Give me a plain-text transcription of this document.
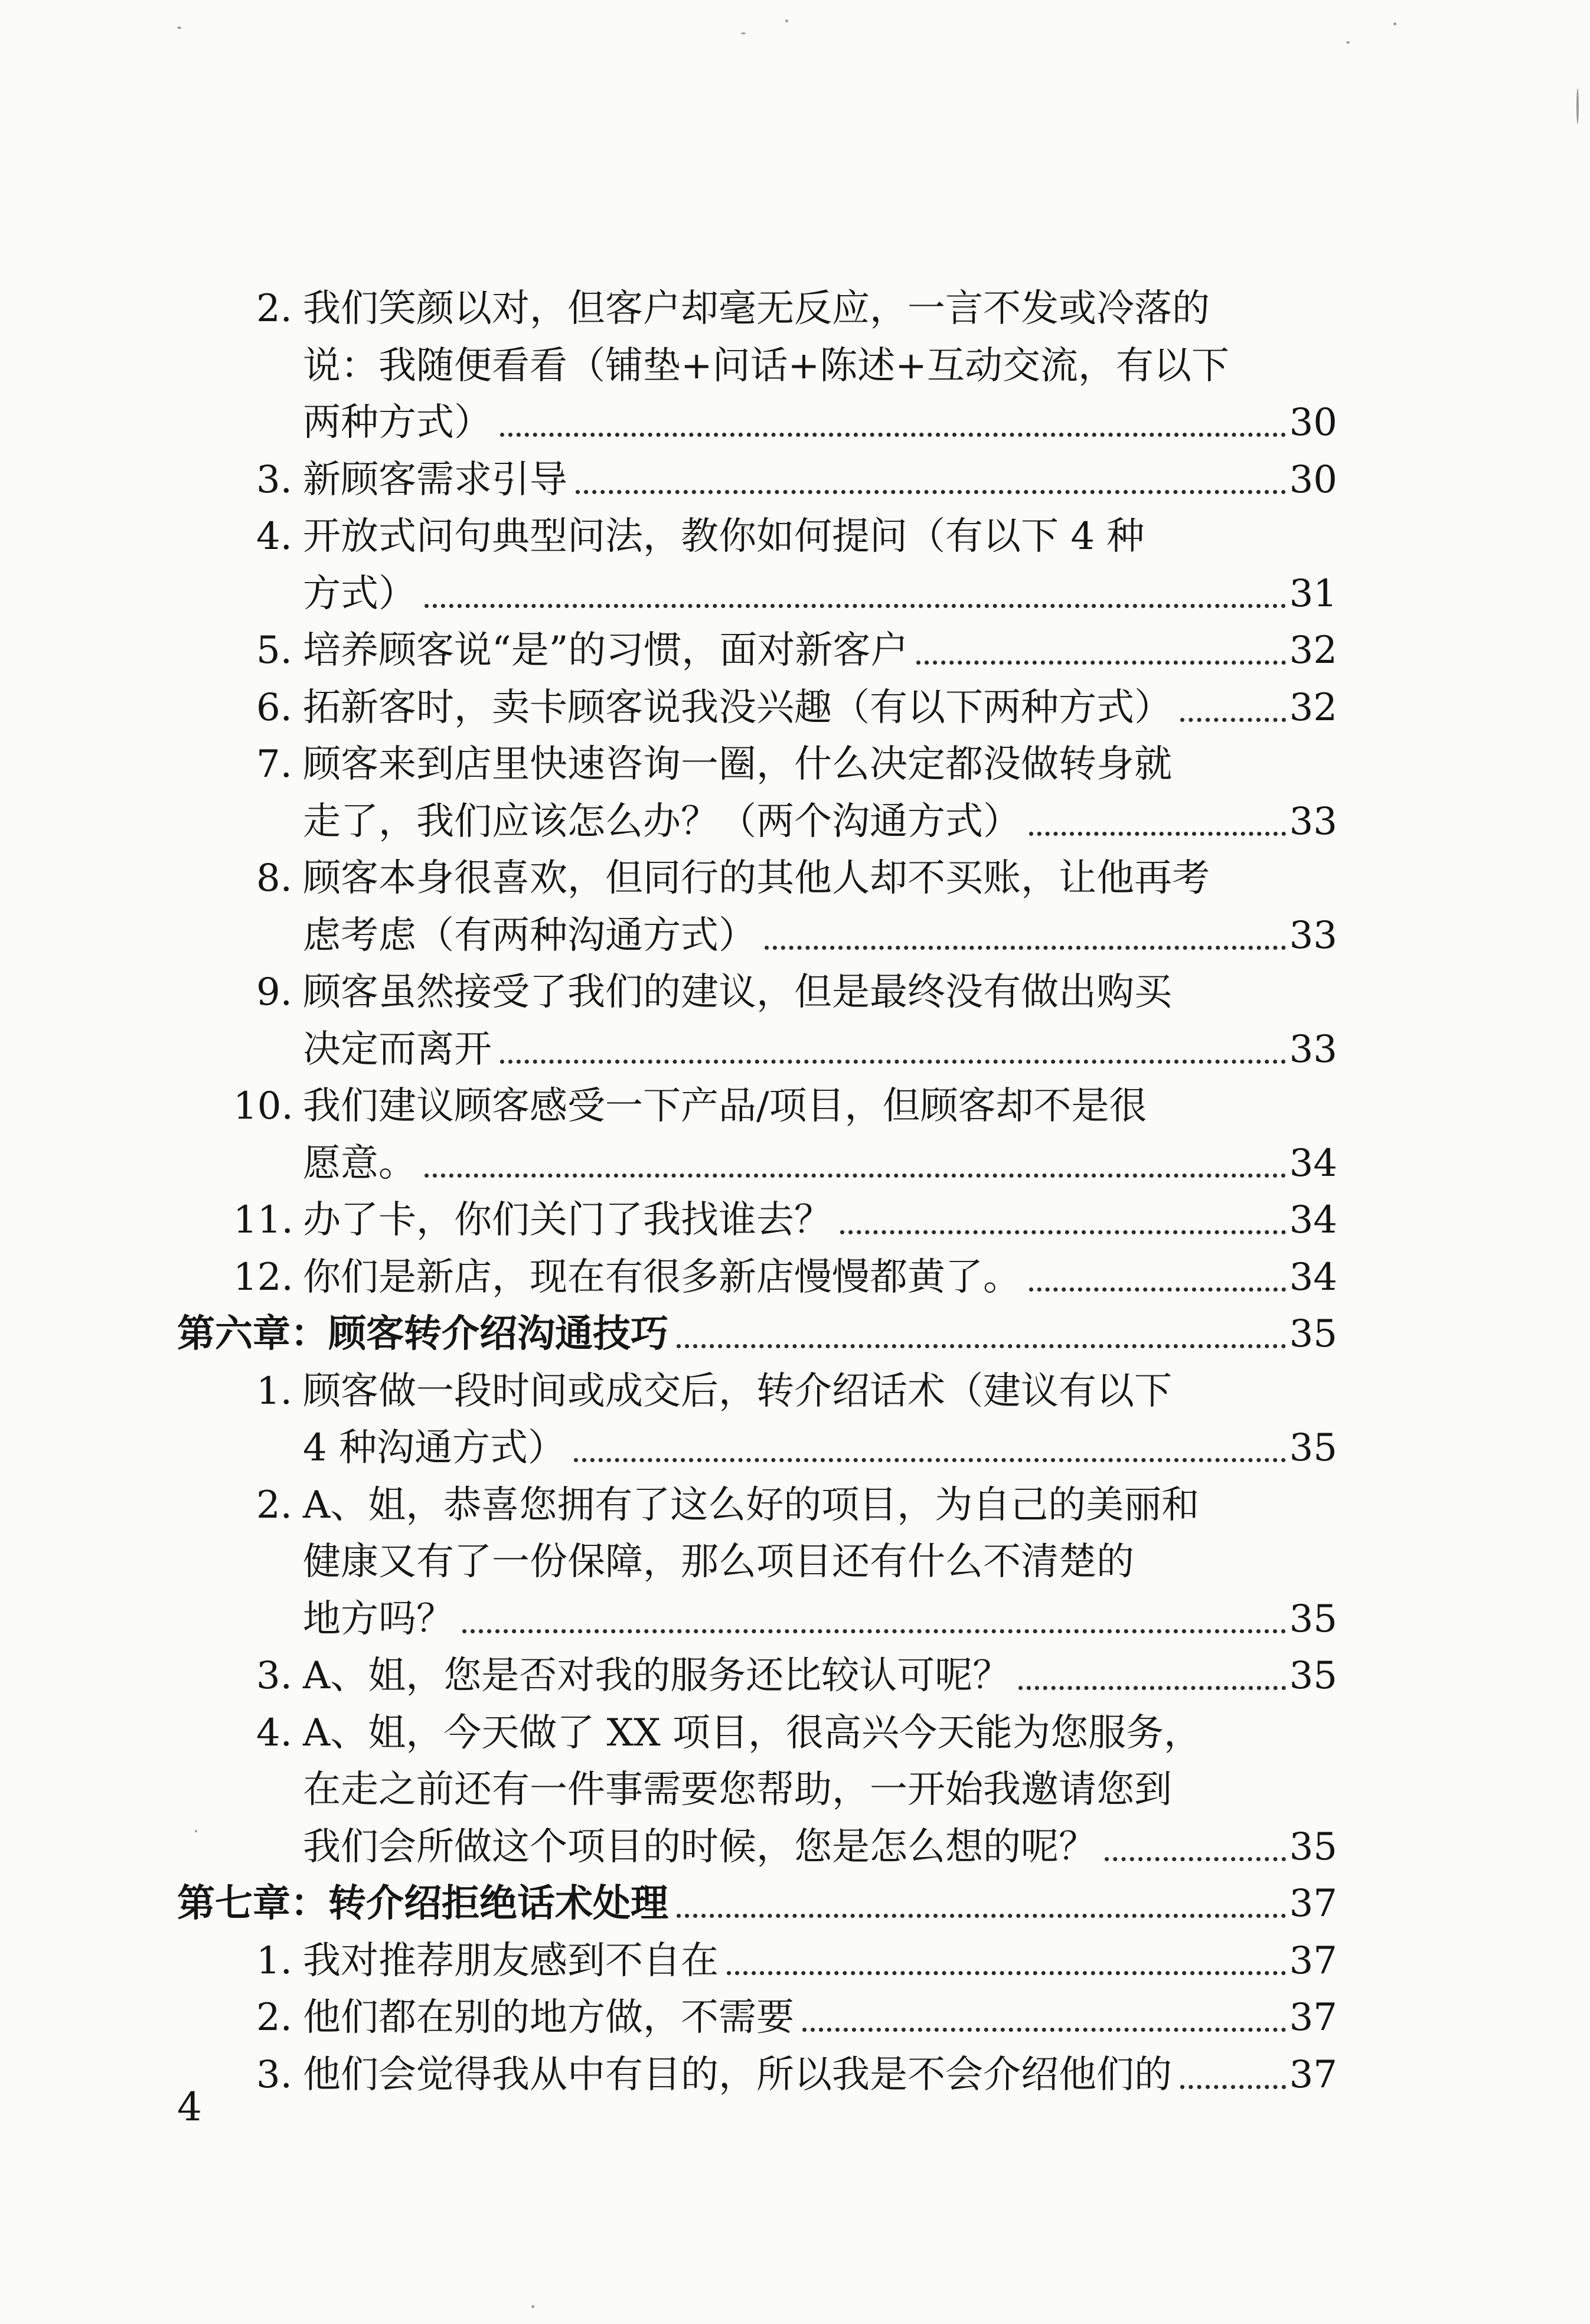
2. 我们笑颜以对，但客户却毫无反应，一言不发或冷落的
说：我随便看看（铺垫+问话+陈述+互动交流，有以下
两种方式）	30
3. 新顾客需求引导	30
4. 开放式问句典型问法，教你如何提问（有以下 4 种
方式）	31
5. 培养顾客说“是”的习惯，面对新客户	32
6. 拓新客时，卖卡顾客说我没兴趣（有以下两种方式）	32
7. 顾客来到店里快速咨询一圈，什么决定都没做转身就
走了，我们应该怎么办？（两个沟通方式）	33
8. 顾客本身很喜欢，但同行的其他人却不买账，让他再考
虑考虑（有两种沟通方式）	33
9. 顾客虽然接受了我们的建议，但是最终没有做出购买
决定而离开	33
10. 我们建议顾客感受一下产品/项目，但顾客却不是很
愿意。	34
11. 办了卡，你们关门了我找谁去？	34
12. 你们是新店，现在有很多新店慢慢都黄了。	34
第六章：顾客转介绍沟通技巧	35
1. 顾客做一段时间或成交后，转介绍话术（建议有以下
4 种沟通方式）	35
2. A、姐，恭喜您拥有了这么好的项目，为自己的美丽和
健康又有了一份保障，那么项目还有什么不清楚的
地方吗？	35
3. A、姐，您是否对我的服务还比较认可呢？	35
4. A、姐，今天做了 XX 项目，很高兴今天能为您服务，
在走之前还有一件事需要您帮助，一开始我邀请您到
我们会所做这个项目的时候，您是怎么想的呢？	35
第七章：转介绍拒绝话术处理	37
1. 我对推荐朋友感到不自在	37
2. 他们都在别的地方做，不需要	37
3. 他们会觉得我从中有目的，所以我是不会介绍他们的	37
4
